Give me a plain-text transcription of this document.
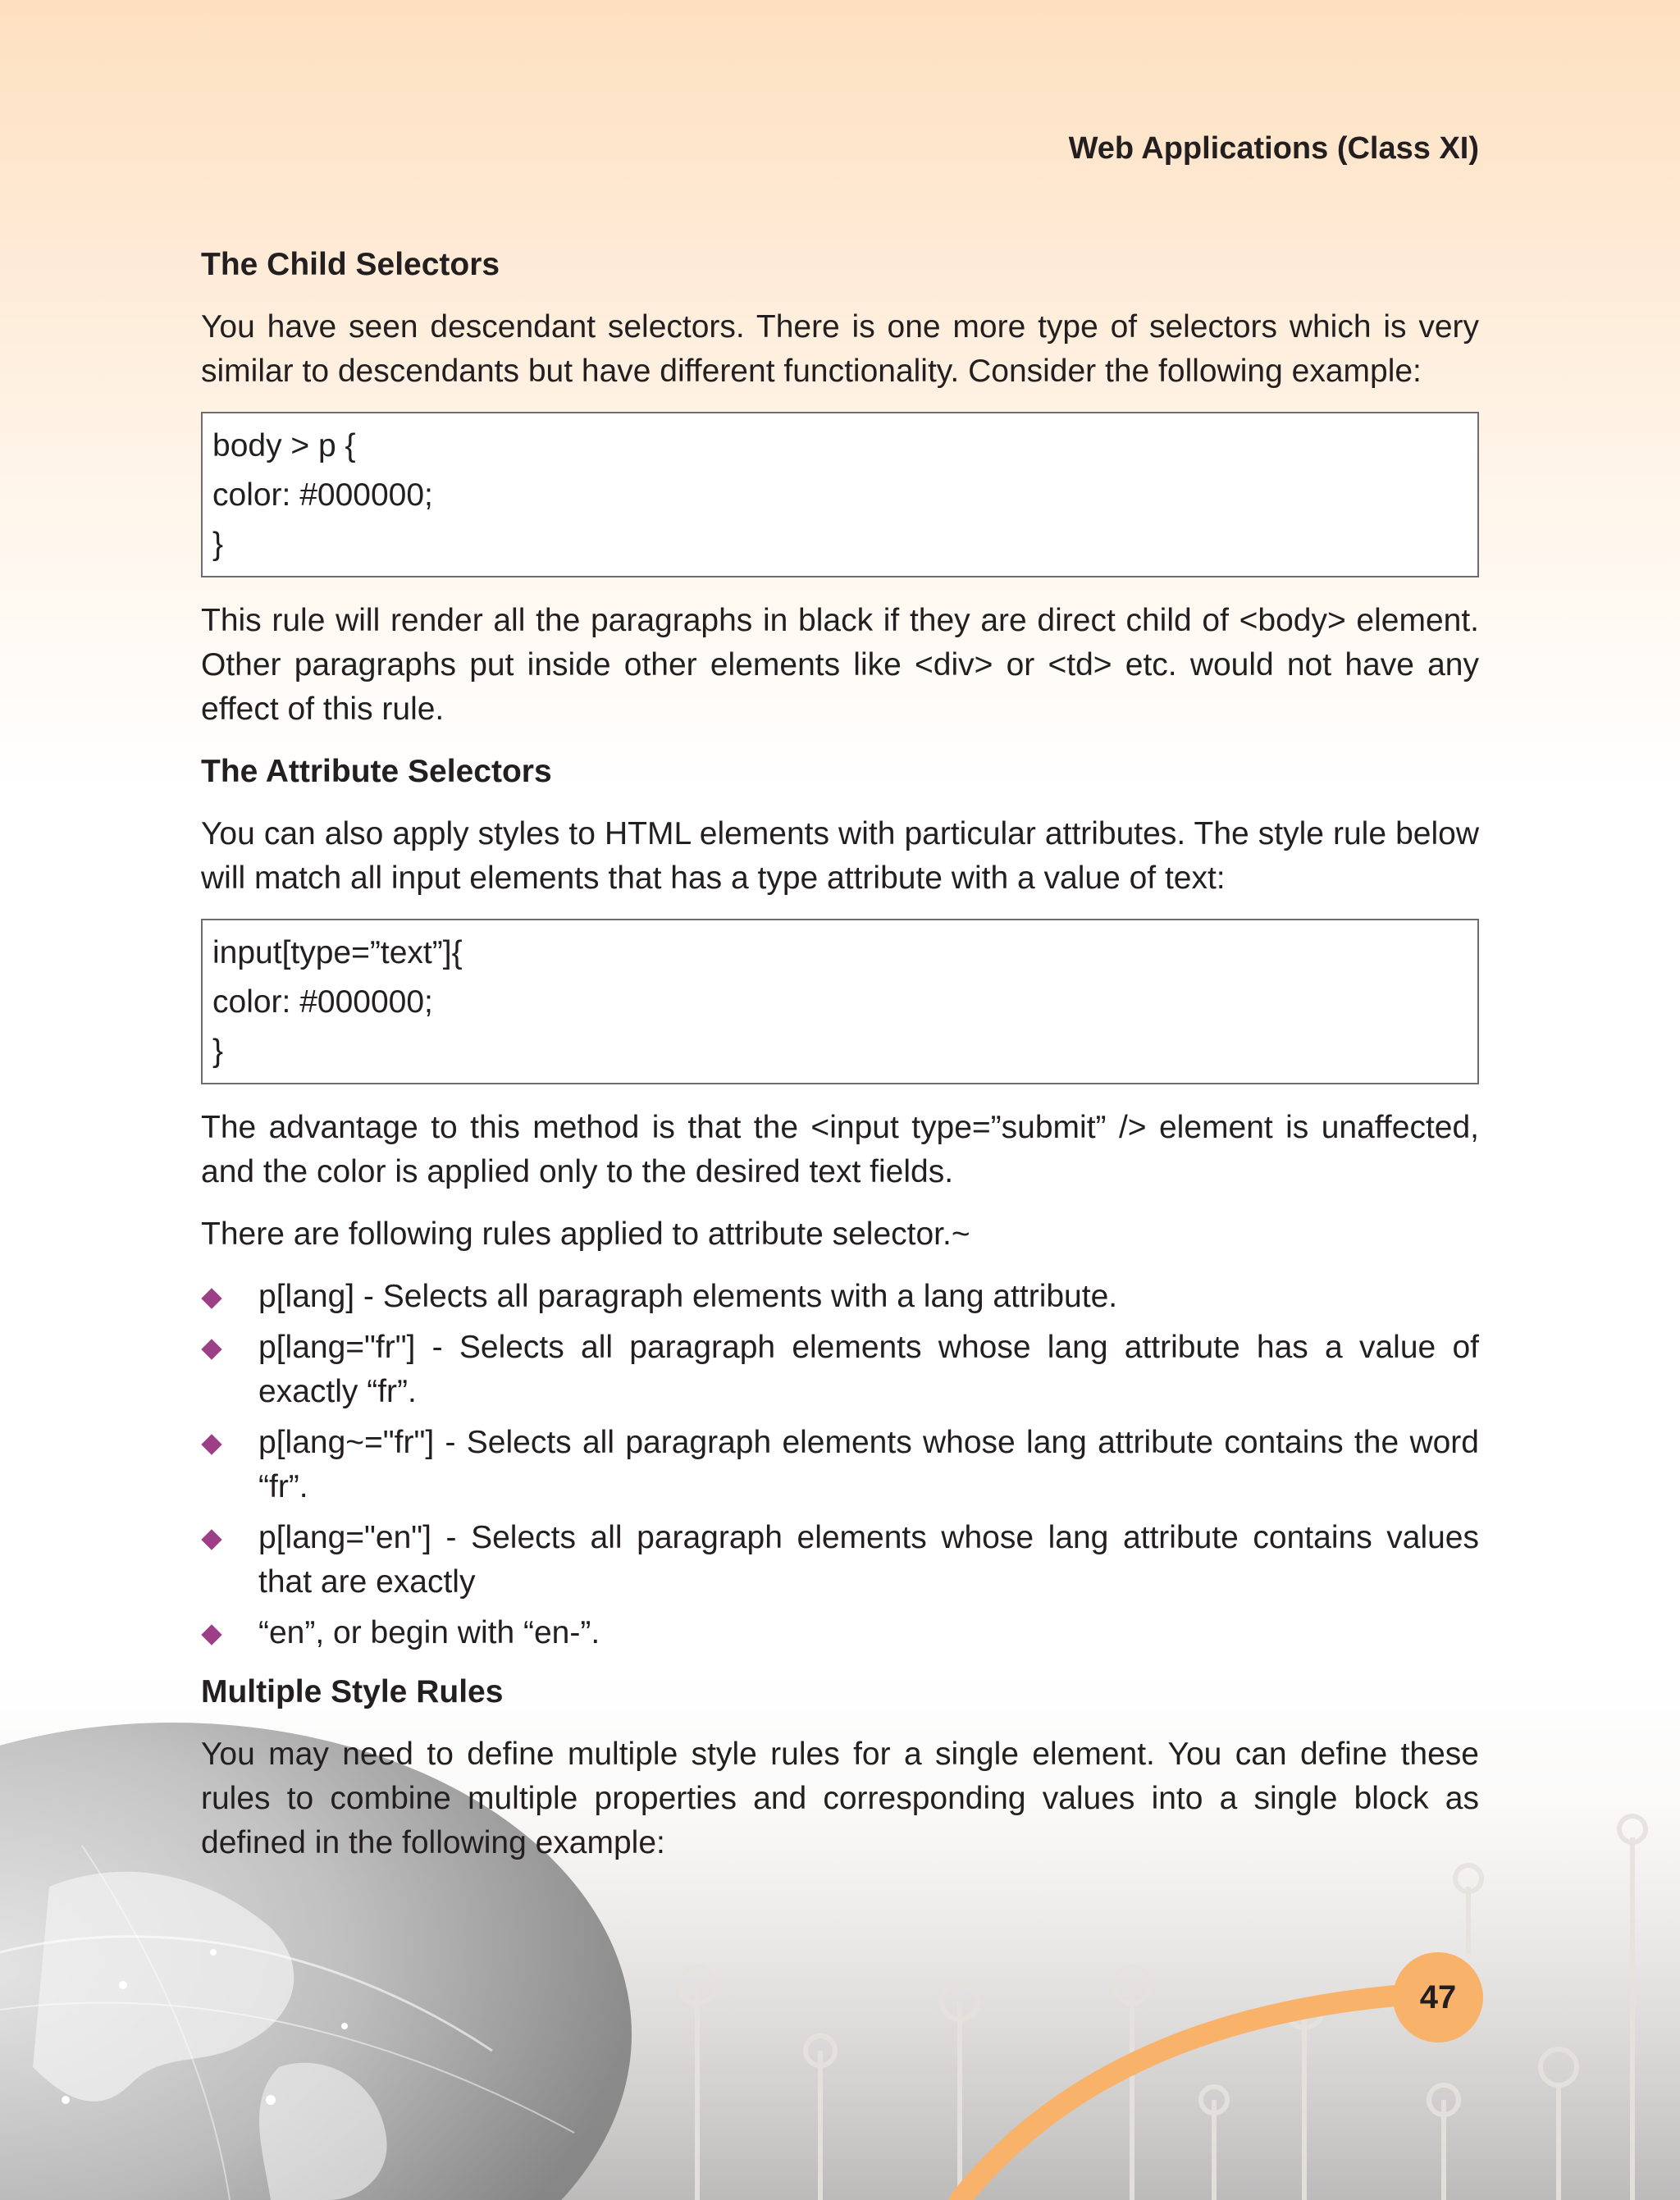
Web Applications (Class XI)
The Child Selectors

You have seen descendant selectors. There is one more type of selectors which is very similar to descendants but have different functionality. Consider the following example:

body > p {
color: #000000;
}

This rule will render all the paragraphs in black if they are direct child of <body> element. Other paragraphs put inside other elements like <div> or <td> etc. would not have any effect of this rule.

The Attribute Selectors

You can also apply styles to HTML elements with particular attributes. The style rule below will match all input elements that has a type attribute with a value of text:

input[type=”text”]{
color: #000000;
}

The advantage to this method is that the <input type=”submit” /> element is unaffected, and the color is applied only to the desired text fields.

There are following rules applied to attribute selector.~

p[lang] - Selects all paragraph elements with a lang attribute.
p[lang="fr"] - Selects all paragraph elements whose lang attribute has a value of exactly “fr”.
p[lang~="fr"] - Selects all paragraph elements whose lang attribute contains the word “fr”.
p[lang="en"] - Selects all paragraph elements whose lang attribute contains values that are exactly
“en”, or begin with “en-”.
Multiple Style Rules

You may need to define multiple style rules for a single element. You can define these rules to combine multiple properties and corresponding values into a single block as defined in the following example:

47
